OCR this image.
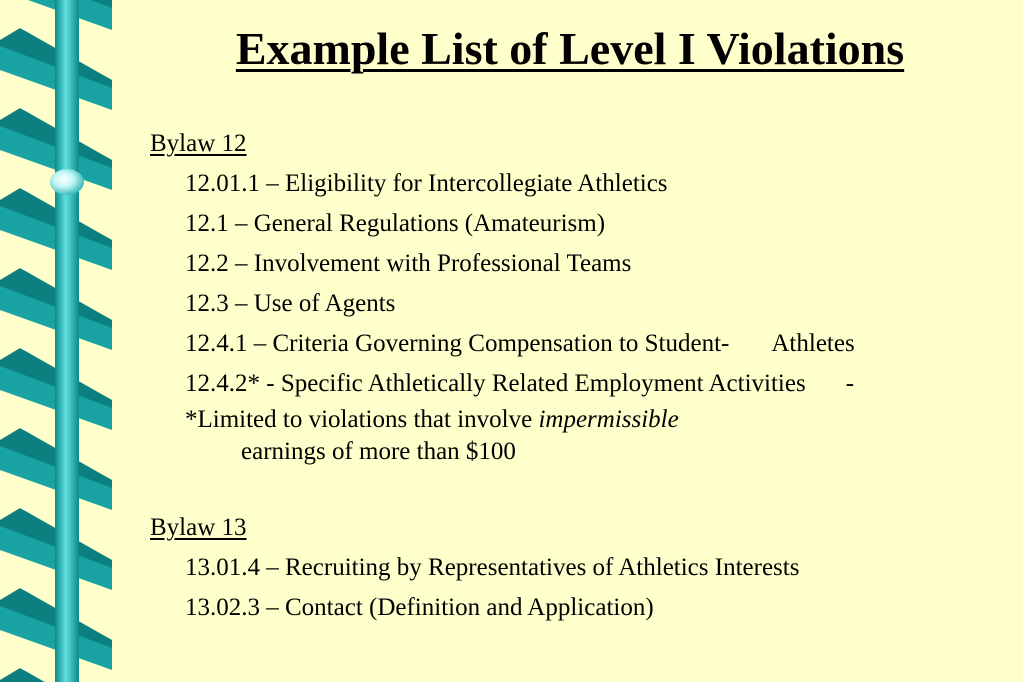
Example List of Level I Violations
Bylaw 12
12.01.1 – Eligibility for Intercollegiate Athletics
12.1 – General Regulations (Amateurism)
12.2 – Involvement with Professional Teams
12.3 – Use of Agents
12.4.1 – Criteria Governing Compensation to Student- Athletes
12.4.2* - Specific Athletically Related Employment Activities -
*Limited to violations that involve impermissible
earnings of more than $100
Bylaw 13
13.01.4 – Recruiting by Representatives of Athletics Interests
13.02.3 – Contact (Definition and Application)
